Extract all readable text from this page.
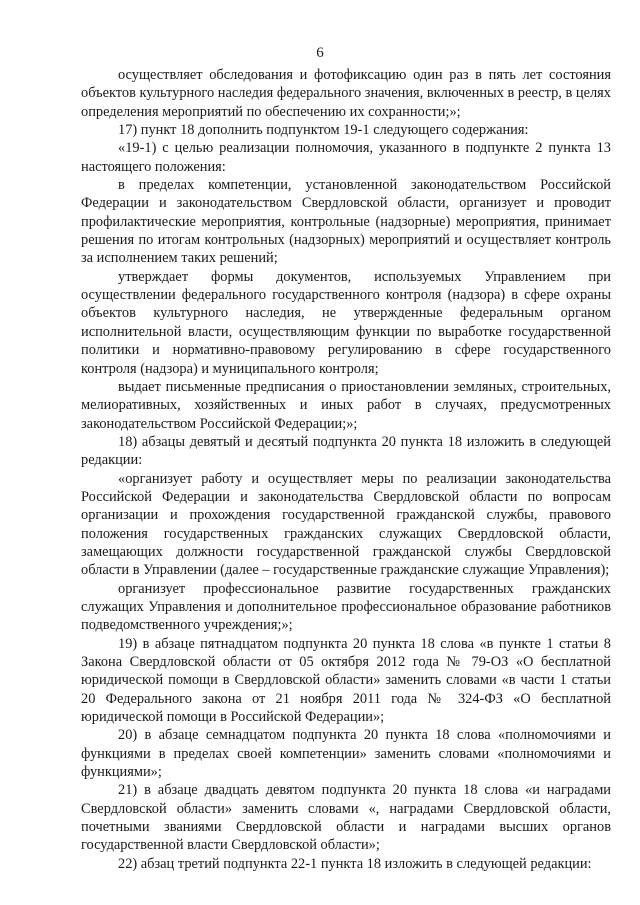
6

осуществляет обследования и фотофиксацию один раз в пять лет состояния объектов культурного наследия федерального значения, включенных в реестр, в целях определения мероприятий по обеспечению их сохранности;»;

17) пункт 18 дополнить подпунктом 19-1 следующего содержания:

«19-1) с целью реализации полномочия, указанного в подпункте 2 пункта 13 настоящего положения:

в пределах компетенции, установленной законодательством Российской Федерации и законодательством Свердловской области, организует и проводит профилактические мероприятия, контрольные (надзорные) мероприятия, принимает решения по итогам контрольных (надзорных) мероприятий и осуществляет контроль за исполнением таких решений;

утверждает формы документов, используемых Управлением при осуществлении федерального государственного контроля (надзора) в сфере охраны объектов культурного наследия, не утвержденные федеральным органом исполнительной власти, осуществляющим функции по выработке государственной политики и нормативно-правовому регулированию в сфере государственного контроля (надзора) и муниципального контроля;

выдает письменные предписания о приостановлении земляных, строительных, мелиоративных, хозяйственных и иных работ в случаях, предусмотренных законодательством Российской Федерации;»;

18) абзацы девятый и десятый подпункта 20 пункта 18 изложить в следующей редакции:

«организует работу и осуществляет меры по реализации законодательства Российской Федерации и законодательства Свердловской области по вопросам организации и прохождения государственной гражданской службы, правового положения государственных гражданских служащих Свердловской области, замещающих должности государственной гражданской службы Свердловской области в Управлении (далее – государственные гражданские служащие Управления);

организует профессиональное развитие государственных гражданских служащих Управления и дополнительное профессиональное образование работников подведомственного учреждения;»;

19) в абзаце пятнадцатом подпункта 20 пункта 18 слова «в пункте 1 статьи 8 Закона Свердловской области от 05 октября 2012 года № 79-ОЗ «О бесплатной юридической помощи в Свердловской области» заменить словами «в части 1 статьи 20 Федерального закона от 21 ноября 2011 года № 324-ФЗ «О бесплатной юридической помощи в Российской Федерации»;

20) в абзаце семнадцатом подпункта 20 пункта 18 слова «полномочиями и функциями в пределах своей компетенции» заменить словами «полномочиями и функциями»;

21) в абзаце двадцать девятом подпункта 20 пункта 18 слова «и наградами Свердловской области» заменить словами «, наградами Свердловской области, почетными званиями Свердловской области и наградами высших органов государственной власти Свердловской области»;

22) абзац третий подпункта 22-1 пункта 18 изложить в следующей редакции:
